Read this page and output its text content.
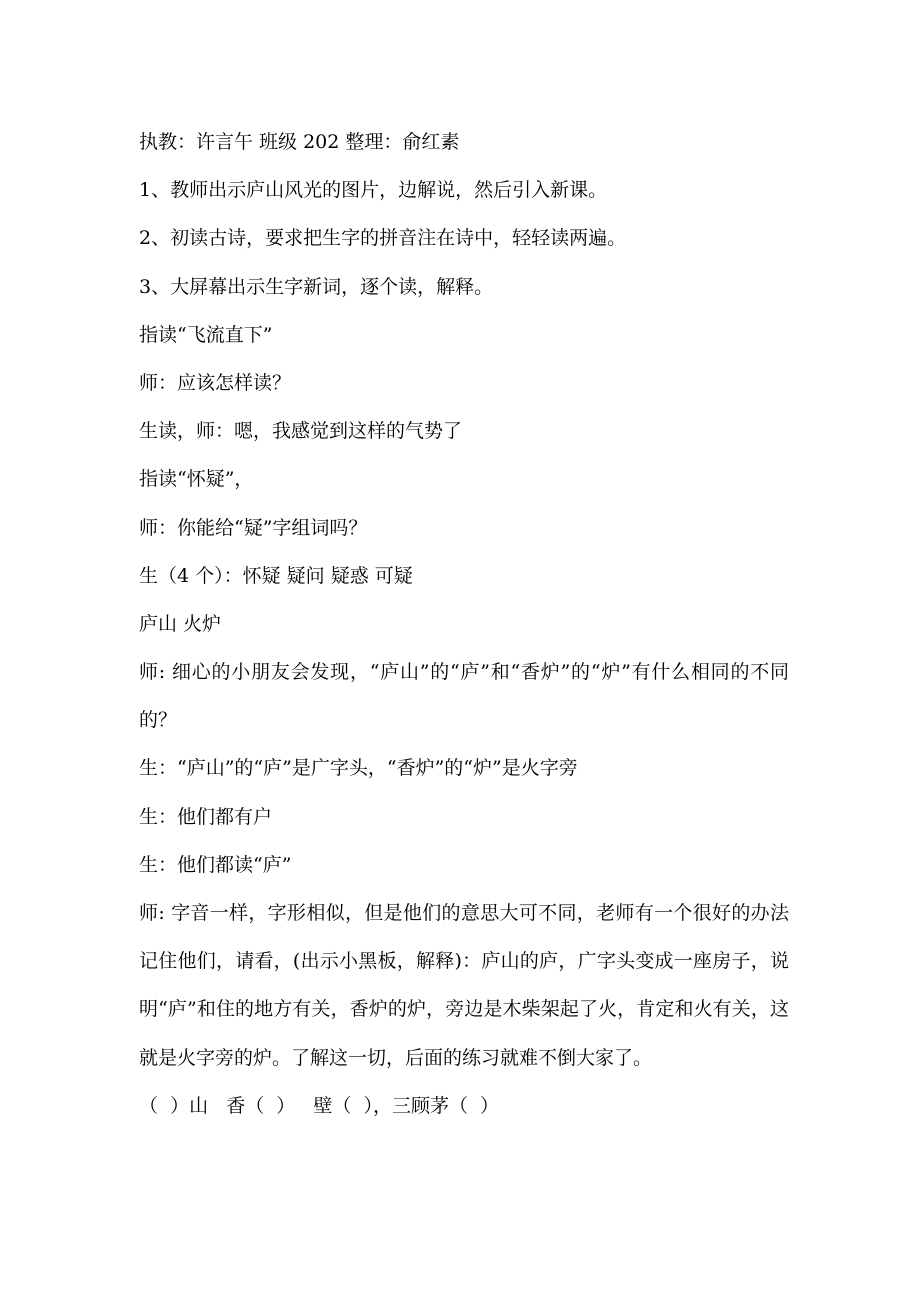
执教：许言午 班级 202 整理：俞红素
1、教师出示庐山风光的图片，边解说，然后引入新课。
2、初读古诗，要求把生字的拼音注在诗中，轻轻读两遍。
3、大屏幕出示生字新词，逐个读，解释。
指读“飞流直下”
师：应该怎样读？
生读，师：嗯，我感觉到这样的气势了
指读“怀疑”，
师：你能给“疑”字组词吗？
生（4 个）：怀疑 疑问 疑惑 可疑
庐山 火炉

师: 细心的小朋友会发现，“庐山”的“庐”和“香炉”的“炉”有什么相同的不同的？

生：“庐山”的“庐”是广字头，“香炉”的“炉”是火字旁
生：他们都有户
生：他们都读“庐”

师: 字音一样，字形相似，但是他们的意思大可不同，老师有一个很好的办法记住他们，请看，(出示小黑板，解释)：庐山的庐，广字头变成一座房子，说明“庐”和住的地方有关，香炉的炉，旁边是木柴架起了火，肯定和火有关，这就是火字旁的炉。了解这一切，后面的练习就难不倒大家了。

（  ）山   香（  ）   壁（  ），三顾茅（  ）
